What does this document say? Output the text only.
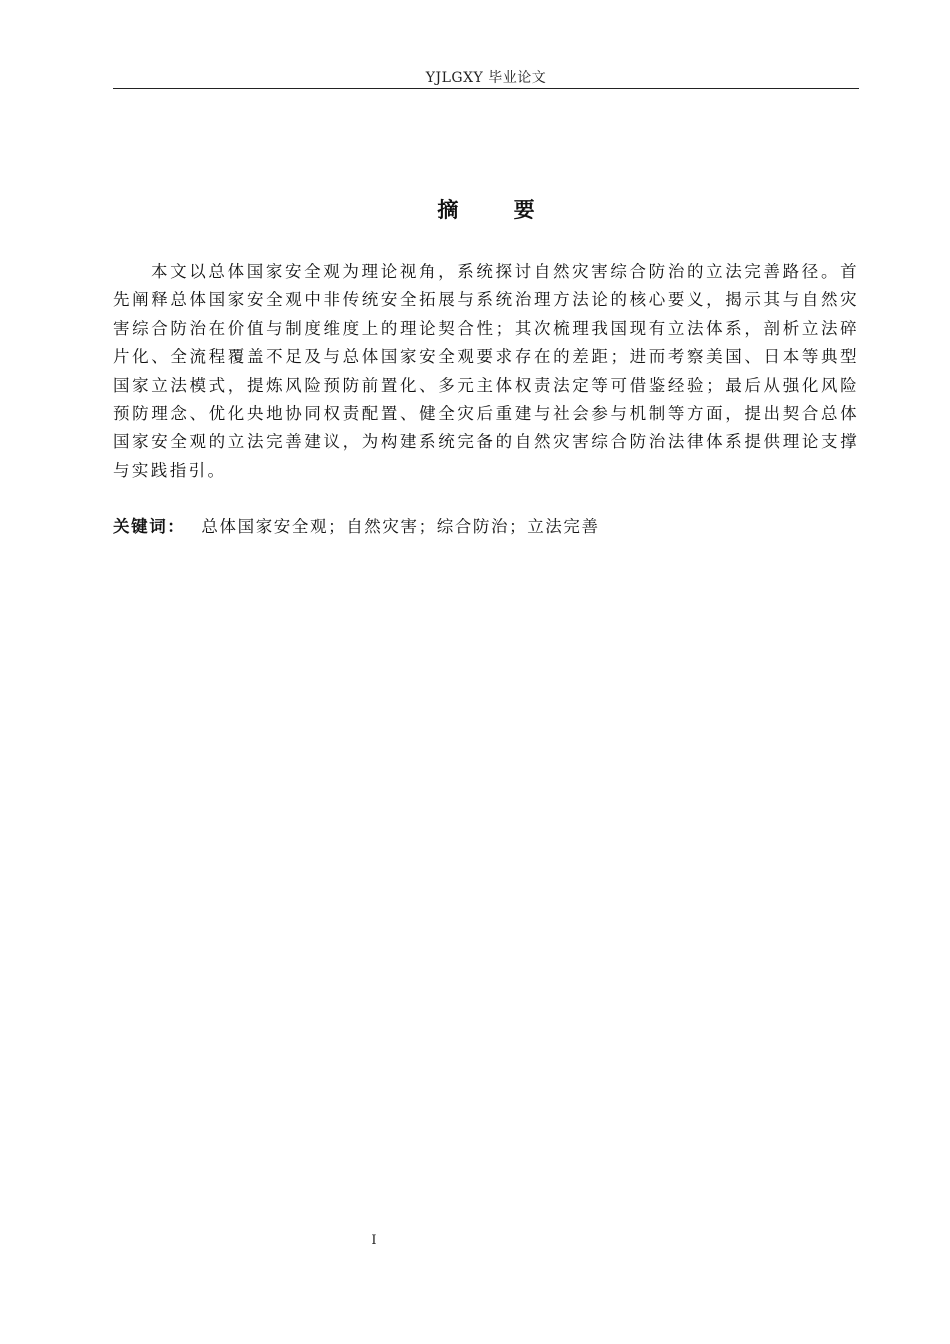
YJLGXY 毕业论文
摘 要

本文以总体国家安全观为理论视角，系统探讨自然灾害综合防治的立法完善路径。首先阐释总体国家安全观中非传统安全拓展与系统治理方法论的核心要义，揭示其与自然灾害综合防治在价值与制度维度上的理论契合性；其次梳理我国现有立法体系，剖析立法碎片化、全流程覆盖不足及与总体国家安全观要求存在的差距；进而考察美国、日本等典型国家立法模式，提炼风险预防前置化、多元主体权责法定等可借鉴经验；最后从强化风险预防理念、优化央地协同权责配置、健全灾后重建与社会参与机制等方面，提出契合总体国家安全观的立法完善建议，为构建系统完备的自然灾害综合防治法律体系提供理论支撑与实践指引。

关键词： 总体国家安全观；自然灾害；综合防治；立法完善
I
